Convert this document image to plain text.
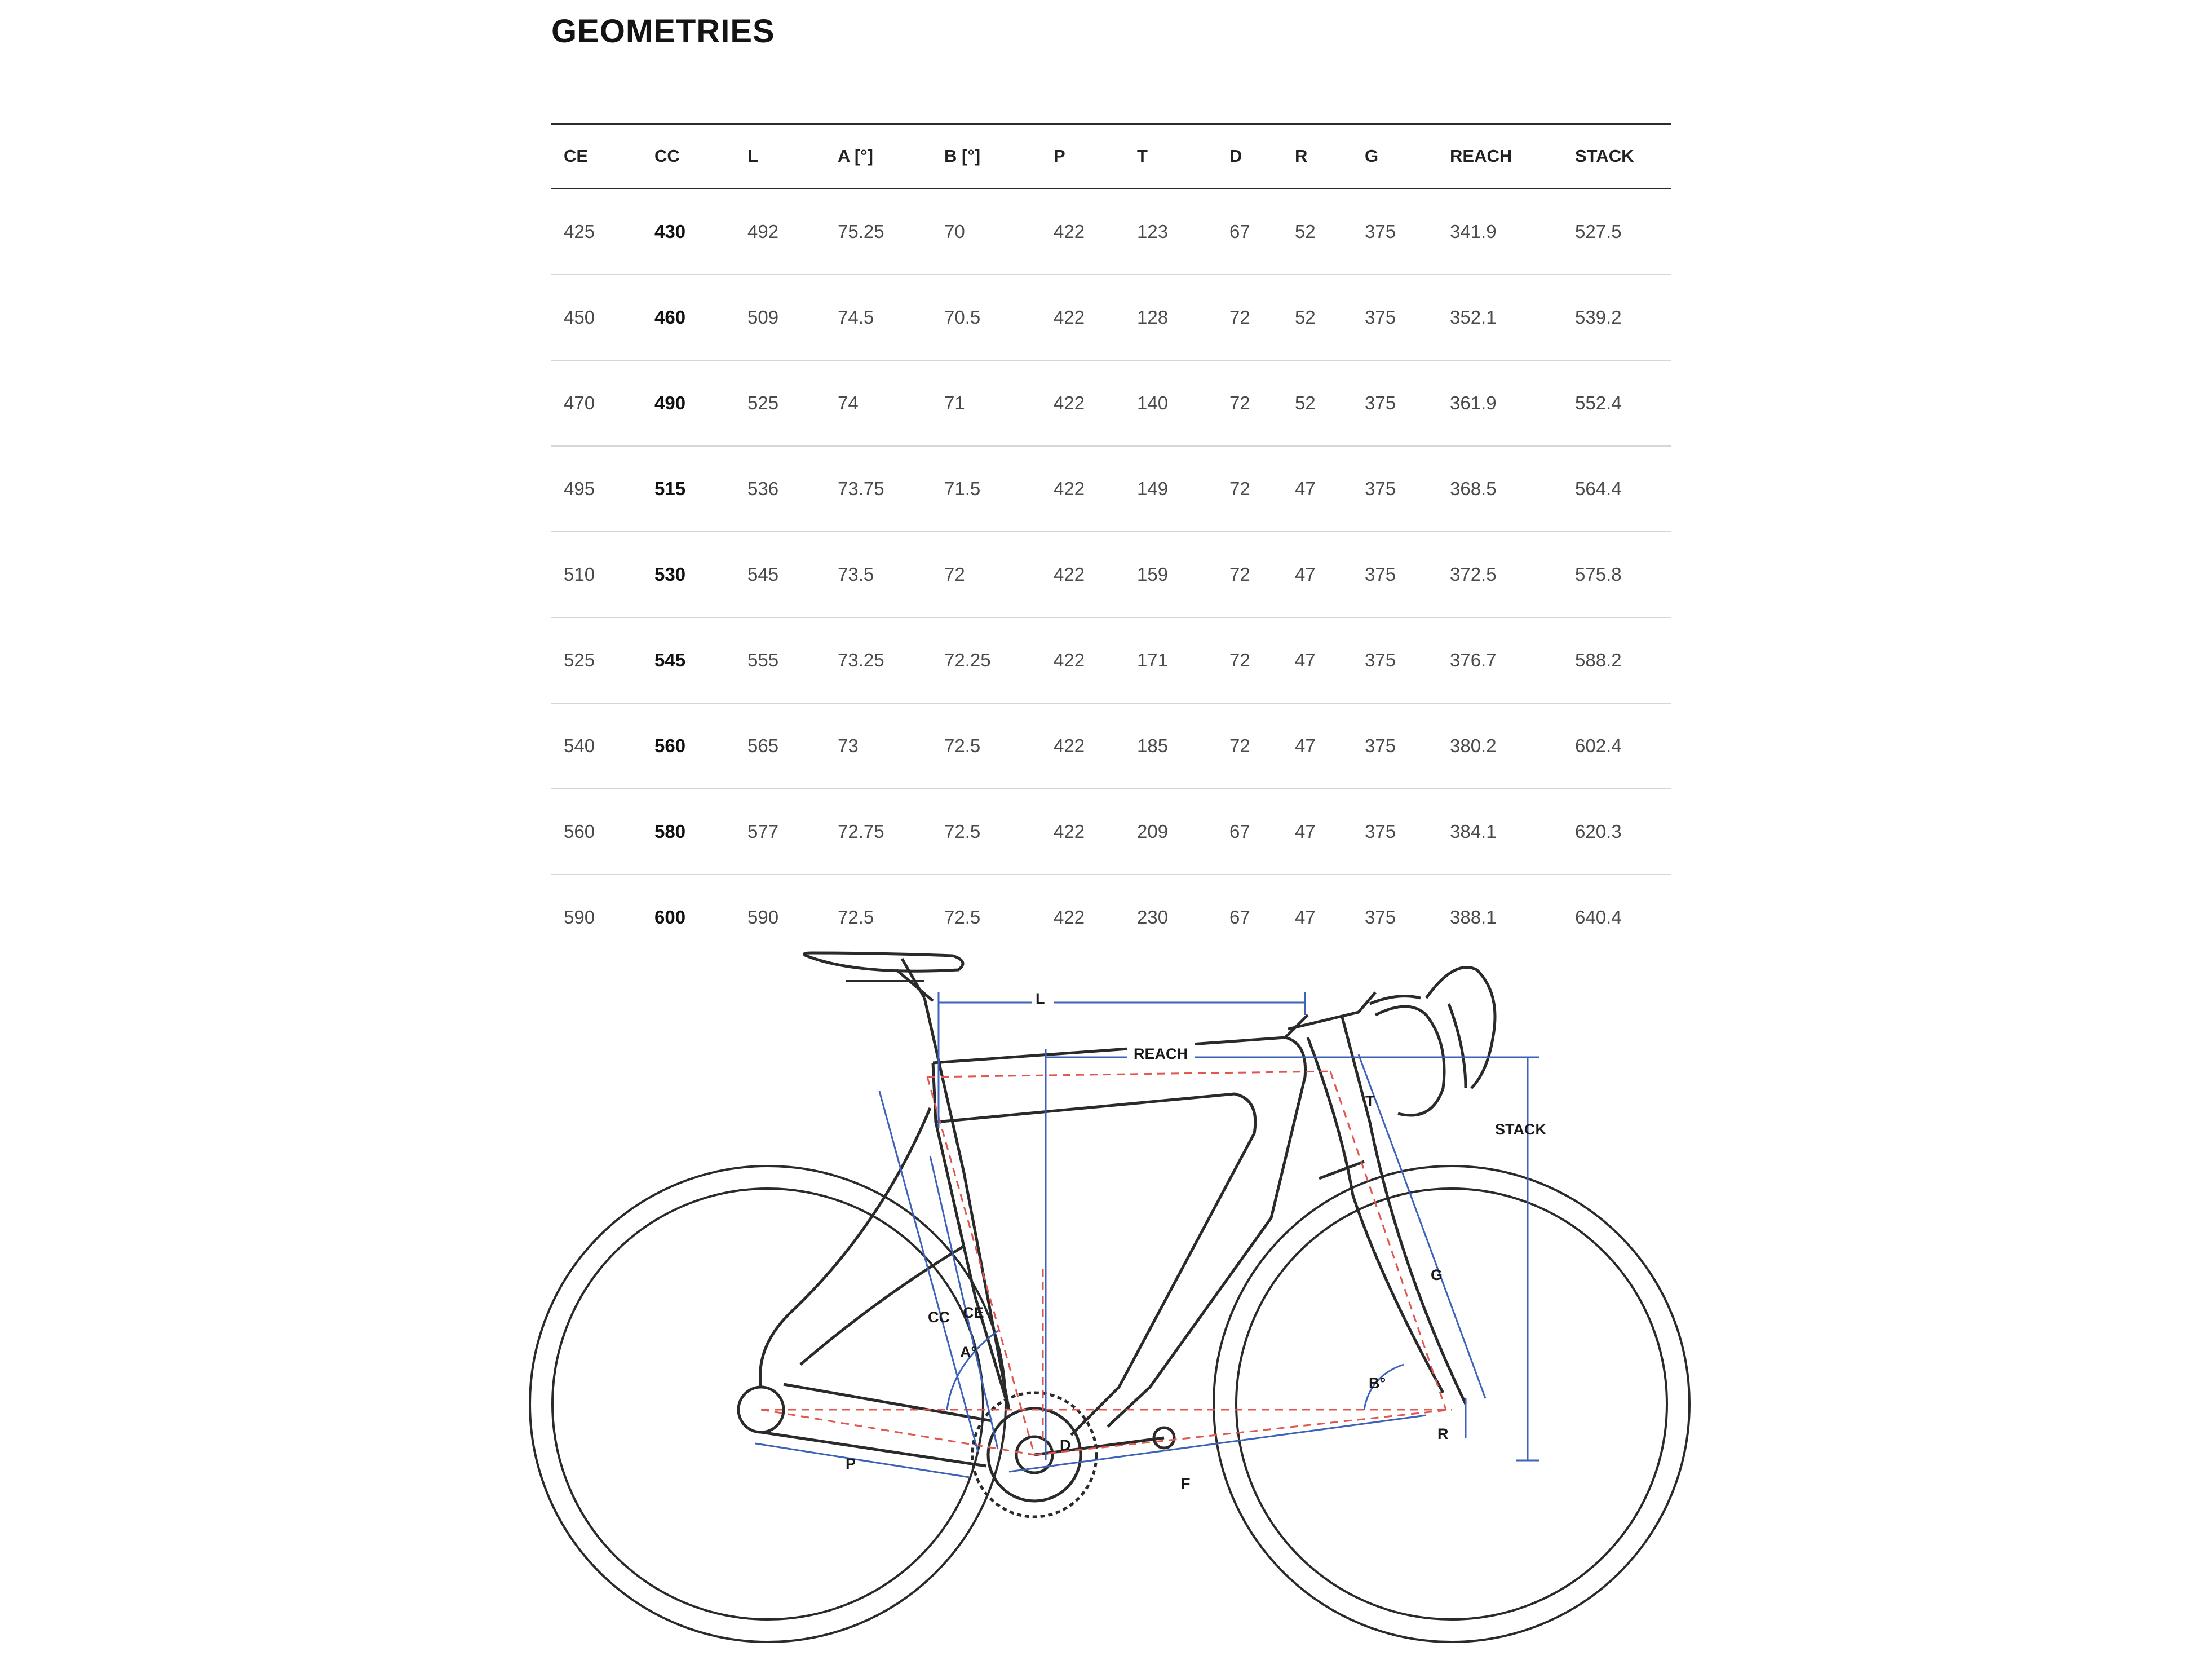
GEOMETRIES
CE	CC	L	A [°]	B [°]	P	T	D	R	G	REACH	STACK
425	430	492	75.25	70	422	123	67	52	375	341.9	527.5
450	460	509	74.5	70.5	422	128	72	52	375	352.1	539.2
470	490	525	74	71	422	140	72	52	375	361.9	552.4
495	515	536	73.75	71.5	422	149	72	47	375	368.5	564.4
510	530	545	73.5	72	422	159	72	47	375	372.5	575.8
525	545	555	73.25	72.25	422	171	72	47	375	376.7	588.2
540	560	565	73	72.5	422	185	72	47	375	380.2	602.4
560	580	577	72.75	72.5	422	209	67	47	375	384.1	620.3
590	600	590	72.5	72.5	422	230	67	47	375	388.1	640.4
L
REACH
T
STACK
G
CC CE
A°
B°
D
R
P
F
